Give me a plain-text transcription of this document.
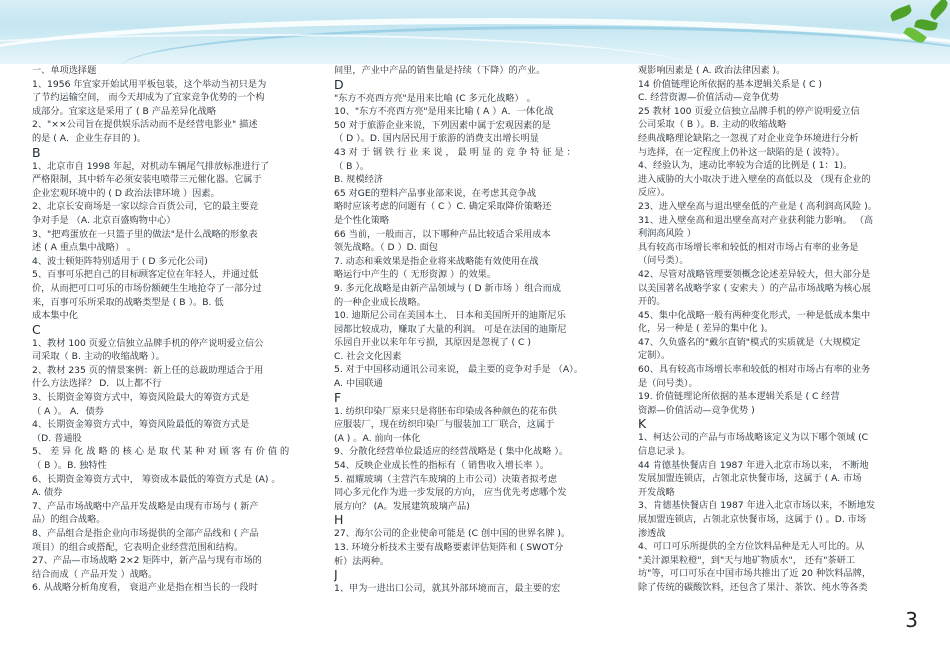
一、单项选择题
1、1956 年宜家开始试用平板包装，这个举动当初只是为
了节约运输空间， 而今天却成为了宜家竞争优势的一个构
成部分。宜家这是采用了 ( B 产品差异化战略
2、"××公司旨在提供娱乐活动而不是经营电影业" 描述
的是 ( A．企业生存目的 )。
B
1、北京市自 1998 年起，对机动车辆尾气排放标准进行了
严格限制，其中轿车必须安装电喷带三元催化器。它属于
企业宏观环境中的 ( D 政治法律环境 ）因素。
2、北京长安商场是一家以综合百货公司，它的最主要竞
争对手是 （A. 北京百盛购物中心）
3、"把鸡蛋放在一只篮子里的做法"是什么战略的形象表
述 ( A 重点集中战略） 。
4、波士顿矩阵特别适用于 ( D 多元化公司)
5、百事可乐把自己的目标顾客定位在年轻人，并通过低
价，从而把可口可乐的市场份额硬生生地抢夺了一部分过
来，百事可乐所采取的战略类型是 ( B ）。B. 低
成本集中化
C
1、教材 100 页爱立信独立品牌手机的停产说明爱立信公
司采取（ B. 主动的收缩战略 ）。
2、教材 235 页的情景案例：新上任的总裁助理适合于用
什么方法选择？ D．以上都不行
3、长期资金筹资方式中，筹资风险最大的筹资方式是
（ A ）。 A．债券
4、长期资金筹资方式中，筹资风险最低的筹资方式是
（D. 普通股
5、 差 异 化 战 略 的 核 心 是 取 代 某 种 对 顾 客 有 价 值 的
（ B ）。B. 独特性
6、长期资金筹资方式中， 筹资成本最低的筹资方式是 (A) 。
A. 债券
7、产品市场战略中产品开发战略是由现有市场与 ( 新产
品）的组合战略。
8、产品组合是指企业向市场提供的全部产品线和 ( 产品
项目）的组合或搭配，它表明企业经营范围和结构。
27、产品—市场战略 2×2 矩阵中，新产品与现有市场的
结合而成（ 产品开发 ）战略。
6. 从战略分析角度看， 衰退产业是指在相当长的一段时
间里，产业中产品的销售量是持续（下降）的产业。
D
"东方不亮西方亮"是用来比喻 (C 多元化战略） 。
10、"东方不亮西方亮"是用来比喻 ( A ）A．一体化战
50 对于旅游企业来说，下列因素中属于宏观因素的是
（ D ）。D. 国内居民用于旅游的消费支出增长明显
43 对 于 钢 铁 行 业 来 说 ， 最 明 显 的 竞 争 特 征 是 ：
（ B ）。
B. 规模经济
65 对GE的塑料产品事业部来说，在考虑其竞争战
略时应该考虑的问题有（ C ）C. 确定采取降价策略还
是个性化策略
66 当前，一般而言，以下哪种产品比较适合采用成本
领先战略。（ D ）D. 面包
7. 动态和乘效果是指企业将来战略能有效使用在战
略运行中产生的（ 无形资源 ）的效果。
9. 多元化战略是由新产品领域与 ( D 新市场 ）组合而成
的一种企业成长战略。
10. 迪斯尼公司在美国本土、 日本和美国所开的迪斯尼乐
园都比较成功，赚取了大量的利润。 可是在法国的迪斯尼
乐园自开业以来年年亏损，其原因是忽视了 ( C )
C. 社会文化因素
5. 对于中国移动通讯公司来说， 最主要的竞争对手是 （A）。
A. 中国联通
F
1. 纺织印染厂原来只是将胚布印染成各种颜色的花布供
应服装厂，现在纺织印染厂与服装加工厂联合，这属于
(A ) 。A. 前向一体化
9、分散化经营单位最适应的经营战略是 ( 集中化战略 ）。
54、反映企业成长性的指标有（ 销售收入增长率 ）。
5. 福耀玻璃（主营汽车玻璃的上市公司）决策者拟考虑
同心多元化作为进一步发展的方向， 应当优先考虑哪个发
展方向？ (A。发展建筑玻璃产品)
H
27、海尔公司的企业使命可能是 (C 创中国的世界名牌 )。
13. 环境分析技术主要有战略要素评估矩阵和 ( SWOT分
析）法两种。
J
1、甲为一进出口公司，就其外部环境而言，最主要的宏
观影响因素是 ( A. 政治法律因素 )。
14 价值链理论所依据的基本逻辑关系是 ( C )
C. 经营资源—价值活动—竞争优势
25 教材 100 页爱立信独立品牌手机的停产说明爱立信
公司采取（ B ）。B. 主动的收缩战略
经典战略理论缺陷之一忽视了对企业竞争环境进行分析
与选择，在一定程度上仍补这一缺陷的是 ( 波特）。
4、经验认为，速动比率较为合适的比例是 ( 1：1)。
进入威胁的大小取决于进入壁垒的高低以及 （现有企业的
反应）。
23、进入壁垒高与退出壁垒低的产业是 ( 高利润高风险 )。
31、进入壁垒高和退出壁垒高对产业获利能力影响。 （高
利润高风险 ）
具有较高市场增长率和较低的相对市场占有率的业务是
（问号类）。
42、尽管对战略管理要领概念论述差异较大，但大部分是
以美国著名战略学家 ( 安索夫 ）的产品市场战略为核心展
开的。
45、集中化战略一般有两种变化形式，一种是低成本集中
化，另一种是 ( 差异的集中化 )。
47、久负盛名的"戴尔直销"模式的实质就是（大规模定
定制）。
60、具有较高市场增长率和较低的相对市场占有率的业务
是（问号类）。
19. 价值链理论所依据的基本逻辑关系是 ( C 经营
资源—价值活动—竞争优势 )
K
1、柯达公司的产品与市场战略该定义为以下哪个领域 (C
信息记录 )。
44 肯德基快餐店自 1987 年进入北京市场以来， 不断地
发展加盟连锁店，占领北京快餐市场，这属于 ( A. 市场
开发战略
3、肯德基快餐店自 1987 年进入北京市场以来，不断地发
展加盟连锁店，占领北京快餐市场，这属于 () 。D. 市场
渗透战
4、可口可乐所提供的全方位饮料品种是无人可比的。从
"美汁源果粒橙"，到"天与地矿物质水"， 还有"茶研工
坊"等，可口可乐在中国市场共推出了近 20 种饮料品牌，
除了传统的碳酸饮料，还包含了果汁、茶饮、纯水等各类
3
